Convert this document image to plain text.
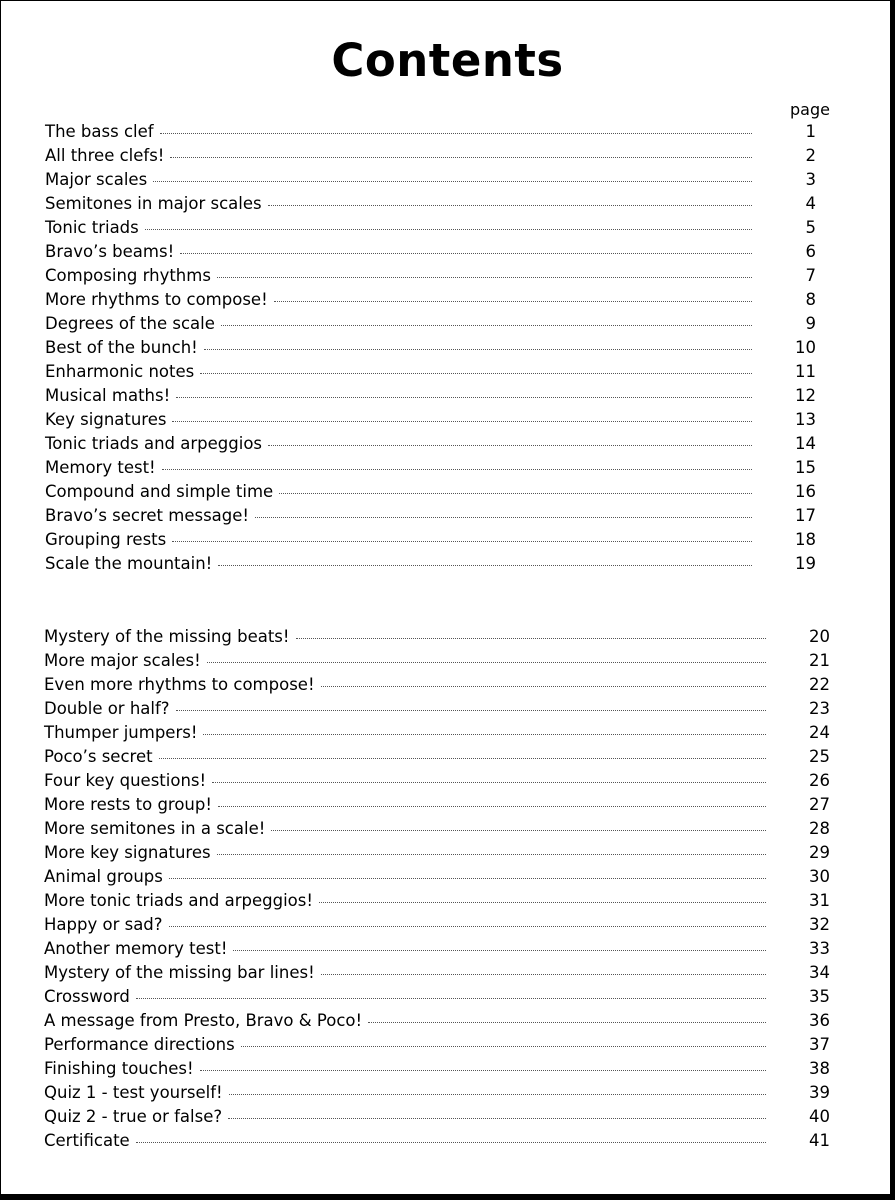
Contents
page
The bass clef	1
All three clefs!	2
Major scales	3
Semitones in major scales	4
Tonic triads	5
Bravo’s beams!	6
Composing rhythms	7
More rhythms to compose!	8
Degrees of the scale	9
Best of the bunch!	10
Enharmonic notes	11
Musical maths!	12
Key signatures	13
Tonic triads and arpeggios	14
Memory test!	15
Compound and simple time	16
Bravo’s secret message!	17
Grouping rests	18
Scale the mountain!	19
Mystery of the missing beats!	20
More major scales!	21
Even more rhythms to compose!	22
Double or half?	23
Thumper jumpers!	24
Poco’s secret	25
Four key questions!	26
More rests to group!	27
More semitones in a scale!	28
More key signatures	29
Animal groups	30
More tonic triads and arpeggios!	31
Happy or sad?	32
Another memory test!	33
Mystery of the missing bar lines!	34
Crossword	35
A message from Presto, Bravo & Poco!	36
Performance directions	37
Finishing touches!	38
Quiz 1 - test yourself!	39
Quiz 2 - true or false?	40
Certificate	41
